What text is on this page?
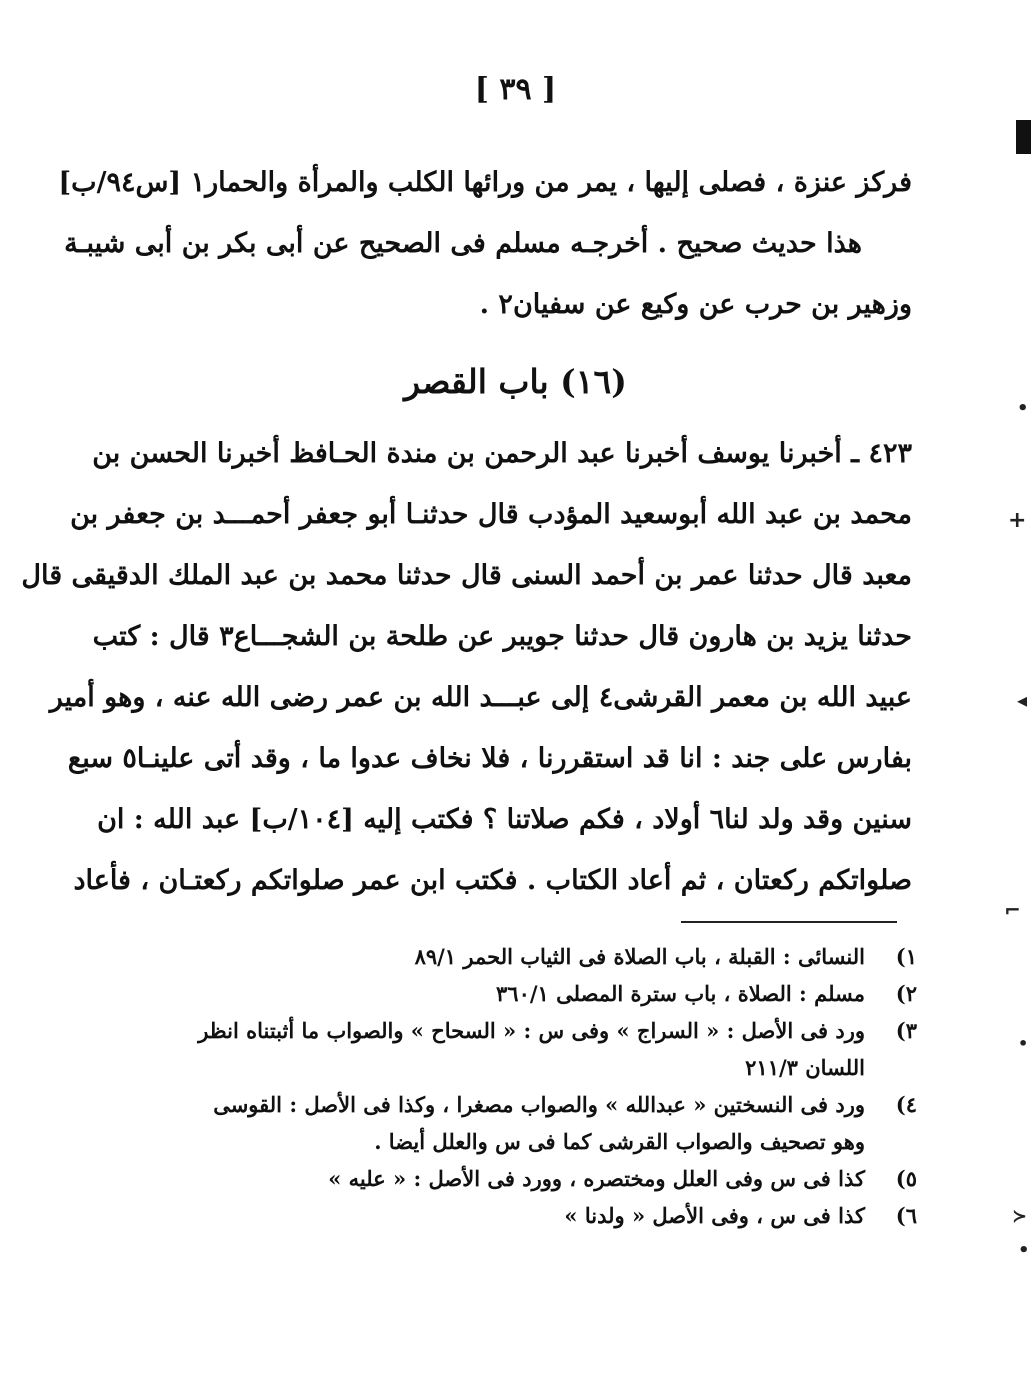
[ ٣٩ ]
فركز عنزة ، فصلى إليها ، يمر من ورائها الكلب والمرأة والحمار١ [س٩٤/ب]
هذا حديث صحيح . أخرجـه مسلم فى الصحيح عن أبى بكر بن أبى شيبـة
وزهير بن حرب عن وكيع عن سفيان٢ .
(١٦) باب القصر
٤٢٣ ـ أخبرنا يوسف أخبرنا عبد الرحمن بن مندة الحـافظ أخبرنا الحسن بن
محمد بن عبد الله أبوسعيد المؤدب قال حدثنـا أبو جعفر أحمـــد بن جعفر بن
معبد قال حدثنا عمر بن أحمد السنى قال حدثنا محمد بن عبد الملك الدقيقى قال
حدثنا يزيد بن هارون قال حدثنا جويبر عن طلحة بن الشجـــاع٣ قال : كتب
عبيد الله بن معمر القرشى٤ إلى عبـــد الله بن عمر رضى الله عنه ، وهو أمير
بفارس على جند : انا قد استقررنا ، فلا نخاف عدوا ما ، وقد أتى علينـا٥ سبع
سنين وقد ولد لنا٦ أولاد ، فكم صلاتنا ؟ فكتب إليه [١٠٤/ب] عبد الله : ان
صلواتكم ركعتان ، ثم أعاد الكتاب . فكتب ابن عمر صلواتكم ركعتـان ، فأعاد
١)
النسائى : القبلة ، باب الصلاة فى الثياب الحمر ٨٩/١
٢)
مسلم : الصلاة ، باب سترة المصلى ٣٦٠/١
٣)
ورد فى الأصل : « السراج » وفى س : « السحاح » والصواب ما أثبتناه انظر اللسان ٢١١/٣
٤)
ورد فى النسختين « عبدالله » والصواب مصغرا ، وكذا فى الأصل : القوسى وهو تصحيف والصواب القرشى كما فى س والعلل أيضا .
٥)
كذا فى س وفى العلل ومختصره ، وورد فى الأصل : « عليه »
٦)
كذا فى س ، وفى الأصل « ولدنا »
•
+
◂
⌐
•
≻
•
